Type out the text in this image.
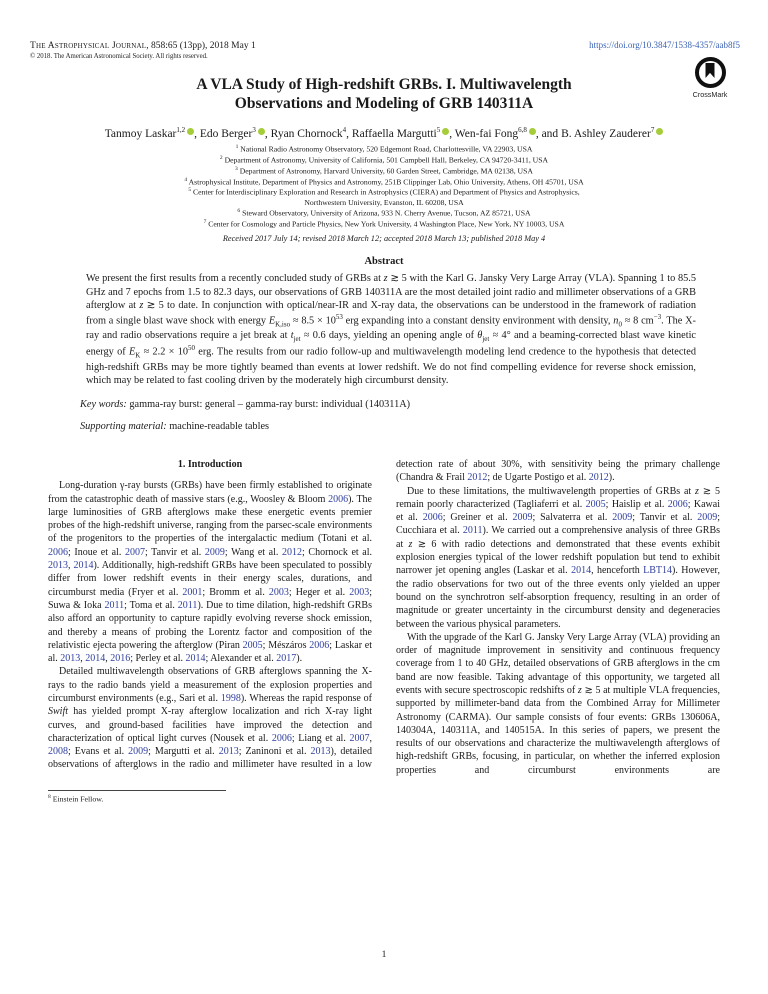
The Astrophysical Journal, 858:65 (13pp), 2018 May 1	https://doi.org/10.3847/1538-4357/aab8f5
© 2018. The American Astronomical Society. All rights reserved.
CrossMark
A VLA Study of High-redshift GRBs. I. Multiwavelength
Observations and Modeling of GRB 140311A
Tanmoy Laskar$^{1,2}$ , Edo Berger$^3$ , Ryan Chornock$^4$, Raffaella Margutti$^5$ , Wen-fai Fong$^{6,8}$ , and B. Ashley Zauderer$^7$
$^1$ National Radio Astronomy Observatory, 520 Edgemont Road, Charlottesville, VA 22903, USA
$^2$ Department of Astronomy, University of California, 501 Campbell Hall, Berkeley, CA 94720-3411, USA
$^3$ Department of Astronomy, Harvard University, 60 Garden Street, Cambridge, MA 02138, USA
$^4$ Astrophysical Institute, Department of Physics and Astronomy, 251B Clippinger Lab, Ohio University, Athens, OH 45701, USA
$^5$ Center for Interdisciplinary Exploration and Research in Astrophysics (CIERA) and Department of Physics and Astrophysics,
Northwestern University, Evanston, IL 60208, USA
$^6$ Steward Observatory, University of Arizona, 933 N. Cherry Avenue, Tucson, AZ 85721, USA
$^7$ Center for Cosmology and Particle Physics, New York University, 4 Washington Place, New York, NY 10003, USA
Received 2017 July 14; revised 2018 March 12; accepted 2018 March 13; published 2018 May 4
Abstract
We present the first results from a recently concluded study of GRBs at z ≳ 5 with the Karl G. Jansky Very Large Array (VLA). Spanning 1 to 85.5 GHz and 7 epochs from 1.5 to 82.3 days, our observations of GRB 140311A are the most detailed joint radio and millimeter observations of a GRB afterglow at z ≳ 5 to date. In conjunction with optical/near-IR and X-ray data, the observations can be understood in the framework of radiation from a single blast wave shock with energy $E_{K,iso} \approx 8.5 \times 10^{53}$ erg expanding into a constant density environment with density, $n_0 \approx 8$ $cm^{-3}$. The X-ray and radio observations require a jet break at $t_{jet} \approx 0.6$ days, yielding an opening angle of $\theta_{jet} \approx 4^\circ$ and a beaming-corrected blast wave kinetic energy of $E_K \approx 2.2 \times 10^{50}$ erg. The results from our radio follow-up and multiwavelength modeling lend credence to the hypothesis that detected high-redshift GRBs may be more tightly beamed than events at lower redshift. We do not find compelling evidence for reverse shock emission, which may be related to fast cooling driven by the moderately high circumburst density.
Key words: gamma-ray burst: general – gamma-ray burst: individual (140311A)
Supporting material: machine-readable tables
1. Introduction

Long-duration γ-ray bursts (GRBs) have been firmly established to originate from the catastrophic death of massive stars (e.g., Woosley & Bloom 2006). The large luminosities of GRB afterglows make these energetic events premier probes of the high-redshift universe, ranging from the parsec-scale environments of the progenitors to the properties of the intergalactic medium (Totani et al. 2006; Inoue et al. 2007; Tanvir et al. 2009; Wang et al. 2012; Chornock et al. 2013, 2014). Additionally, high-redshift GRBs have been speculated to possibly differ from lower redshift events in their energy scales, durations, and circumburst media (Fryer et al. 2001; Bromm et al. 2003; Heger et al. 2003; Suwa & Ioka 2011; Toma et al. 2011). Due to time dilation, high-redshift GRBs also afford an opportunity to capture rapidly evolving reverse shock emission, and thereby a means of probing the Lorentz factor and composition of the relativistic ejecta powering the afterglow (Piran 2005; Mészáros 2006; Laskar et al. 2013, 2014, 2016; Perley et al. 2014; Alexander et al. 2017).

Detailed multiwavelength observations of GRB afterglows spanning the X-rays to the radio bands yield a measurement of the explosion properties and circumburst environments (e.g., Sari et al. 1998). Whereas the rapid response of Swift has yielded prompt X-ray afterglow localization and rich X-ray light curves, and ground-based facilities have improved the detection and characterization of optical light curves (Nousek et al. 2006; Liang et al. 2007, 2008; Evans et al. 2009; Margutti et al. 2013; Zaninoni et al. 2013), detailed observations of afterglows in the radio and millimeter have resulted in a low

$^8$ Einstein Fellow.

detection rate of about 30%, with sensitivity being the primary challenge (Chandra & Frail 2012; de Ugarte Postigo et al. 2012).

Due to these limitations, the multiwavelength properties of GRBs at z ≳ 5 remain poorly characterized (Tagliaferri et al. 2005; Haislip et al. 2006; Kawai et al. 2006; Greiner et al. 2009; Salvaterra et al. 2009; Tanvir et al. 2009; Cucchiara et al. 2011). We carried out a comprehensive analysis of three GRBs at z ≳ 6 with radio detections and demonstrated that these events exhibit explosion energies typical of the lower redshift population but tend to exhibit narrower jet opening angles (Laskar et al. 2014, henceforth LBT14). However, the radio observations for two out of the three events only yielded an upper bound on the synchrotron self-absorption frequency, resulting in an order of magnitude or greater uncertainty in the circumburst density and degeneracies between the various physical parameters.

With the upgrade of the Karl G. Jansky Very Large Array (VLA) providing an order of magnitude improvement in sensitivity and continuous frequency coverage from 1 to 40 GHz, detailed observations of GRB afterglows in the cm band are now feasible. Taking advantage of this opportunity, we targeted all events with secure spectroscopic redshifts of z ≳ 5 at multiple VLA frequencies, supported by millimeter-band data from the Combined Array for Millimeter Astronomy (CARMA). Our sample consists of four events: GRBs 130606A, 140304A, 140311A, and 140515A. In this series of papers, we present the results of our observations and characterize the multiwavelength afterglows of high-redshift GRBs, focusing, in particular, on whether the inferred explosion properties and circumburst environments are

1
